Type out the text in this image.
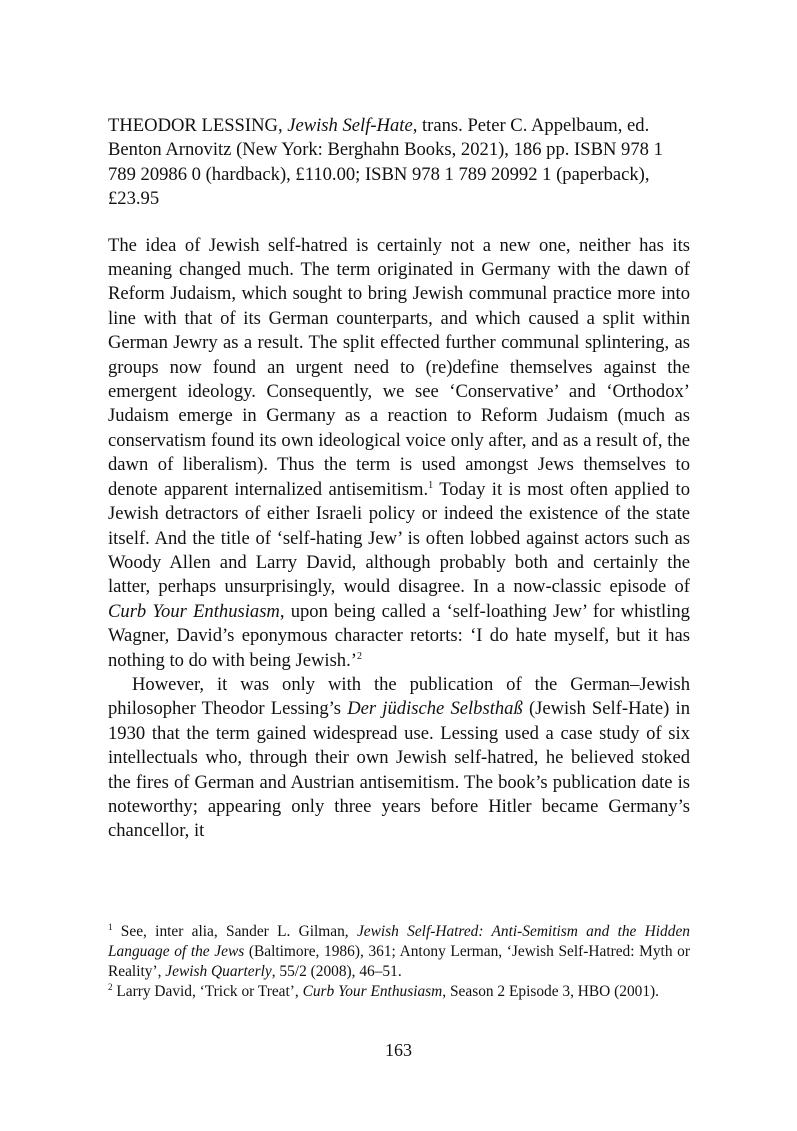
THEODOR LESSING, Jewish Self-Hate, trans. Peter C. Appelbaum, ed. Benton Arnovitz (New York: Berghahn Books, 2021), 186 pp. ISBN 978 1 789 20986 0 (hardback), £110.00; ISBN 978 1 789 20992 1 (paperback), £23.95

The idea of Jewish self-hatred is certainly not a new one, neither has its meaning changed much. The term originated in Germany with the dawn of Reform Judaism, which sought to bring Jewish communal practice more into line with that of its German counterparts, and which caused a split within German Jewry as a result. The split effected further communal splintering, as groups now found an urgent need to (re)define themselves against the emergent ideology. Consequently, we see ‘Conservative’ and ‘Orthodox’ Judaism emerge in Germany as a reaction to Reform Judaism (much as conservatism found its own ideological voice only after, and as a result of, the dawn of liberalism). Thus the term is used amongst Jews themselves to denote apparent internalized antisemitism.$^1$ Today it is most often applied to Jewish detractors of either Israeli policy or indeed the existence of the state itself. And the title of ‘self-hating Jew’ is often lobbed against actors such as Woody Allen and Larry David, although probably both and certainly the latter, perhaps unsurprisingly, would disagree. In a now-classic episode of Curb Your Enthusiasm, upon being called a ‘self-loathing Jew’ for whistling Wagner, David’s eponymous character retorts: ‘I do hate myself, but it has nothing to do with being Jewish.’$^2$

However, it was only with the publication of the German–Jewish philosopher Theodor Lessing’s Der jüdische Selbsthaß (Jewish Self-Hate) in 1930 that the term gained widespread use. Lessing used a case study of six intellectuals who, through their own Jewish self-hatred, he believed stoked the fires of German and Austrian antisemitism. The book’s publication date is noteworthy; appearing only three years before Hitler became Germany’s chancellor, it

$^1$ See, inter alia, Sander L. Gilman, Jewish Self-Hatred: Anti-Semitism and the Hidden Language of the Jews (Baltimore, 1986), 361; Antony Lerman, ‘Jewish Self-Hatred: Myth or Reality’, Jewish Quarterly, 55/2 (2008), 46–51.

$^2$ Larry David, ‘Trick or Treat’, Curb Your Enthusiasm, Season 2 Episode 3, HBO (2001).

163
